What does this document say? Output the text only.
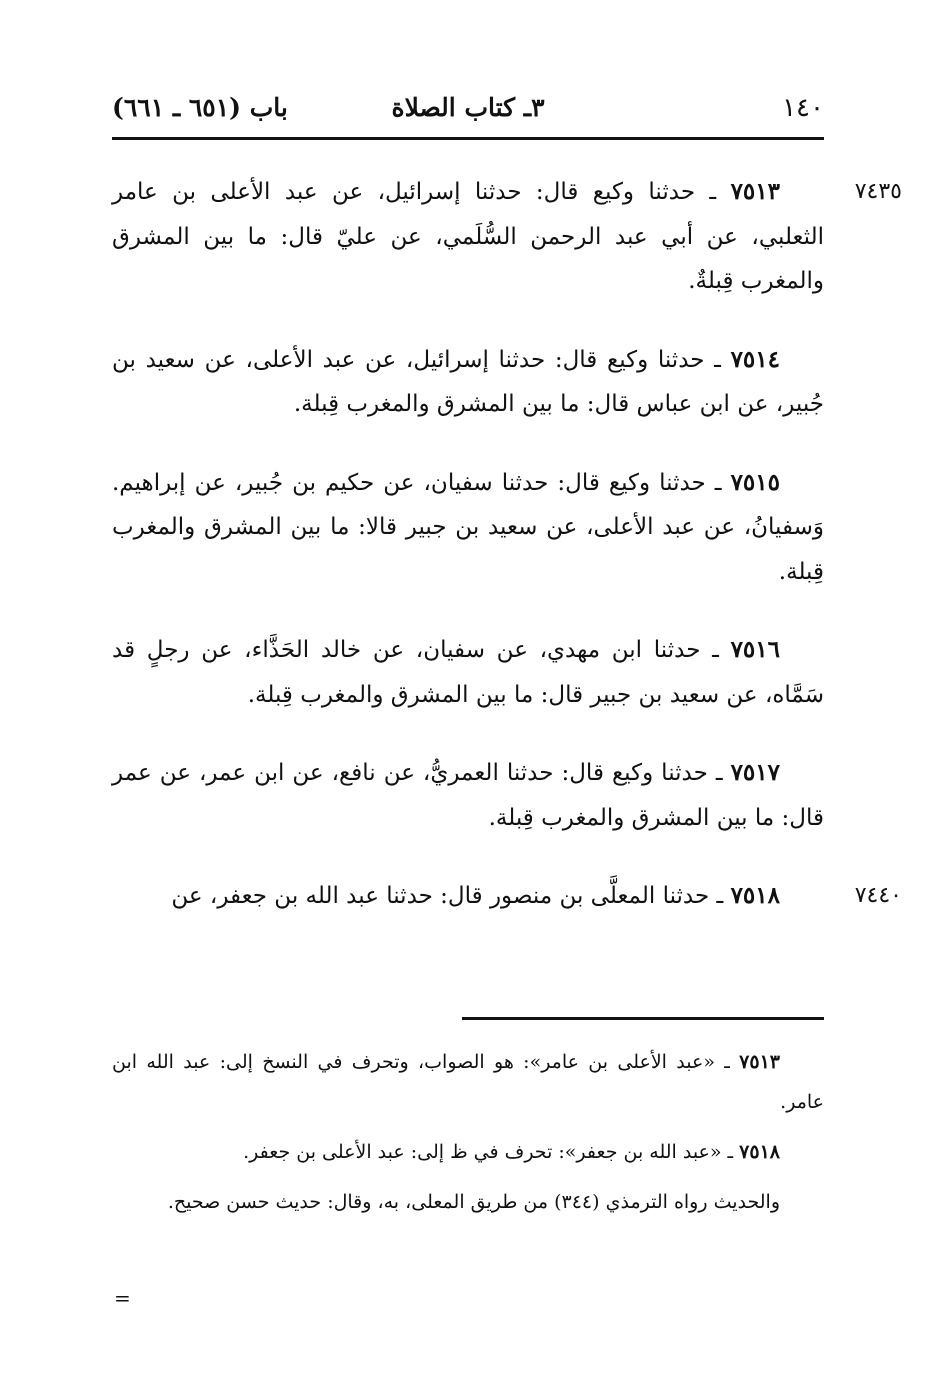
١٤٠
٣ـ كتاب الصلاة
باب (٦٥١ ـ ٦٦١)

٧٤٣٥
٧٥١٣ ـ حدثنا وكيع قال: حدثنا إسرائيل، عن عبد الأعلى بن عامر الثعلبي، عن أبي عبد الرحمن السُّلَمي، عن عليّ قال: ما بين المشرق والمغرب قِبلةٌ.

٧٥١٤ ـ حدثنا وكيع قال: حدثنا إسرائيل، عن عبد الأعلى، عن سعيد بن جُبير، عن ابن عباس قال: ما بين المشرق والمغرب قِبلة.

٧٥١٥ ـ حدثنا وكيع قال: حدثنا سفيان، عن حكيم بن جُبير، عن إبراهيم. وَسفيانُ، عن عبد الأعلى، عن سعيد بن جبير قالا: ما بين المشرق والمغرب قِبلة.

٧٥١٦ ـ حدثنا ابن مهدي، عن سفيان، عن خالد الحَذَّاء، عن رجلٍ قد سَمَّاه، عن سعيد بن جبير قال: ما بين المشرق والمغرب قِبلة.

٧٥١٧ ـ حدثنا وكيع قال: حدثنا العمريُّ، عن نافع، عن ابن عمر، عن عمر قال: ما بين المشرق والمغرب قِبلة.

٧٤٤٠
٧٥١٨ ـ حدثنا المعلَّى بن منصور قال: حدثنا عبد الله بن جعفر، عن

٧٥١٣ ـ «عبد الأعلى بن عامر»: هو الصواب، وتحرف في النسخ إلى: عبد الله ابن عامر.

٧٥١٨ ـ «عبد الله بن جعفر»: تحرف في ظ إلى: عبد الأعلى بن جعفر.

والحديث رواه الترمذي (٣٤٤) من طريق المعلى، به، وقال: حديث حسن صحيح.

=
